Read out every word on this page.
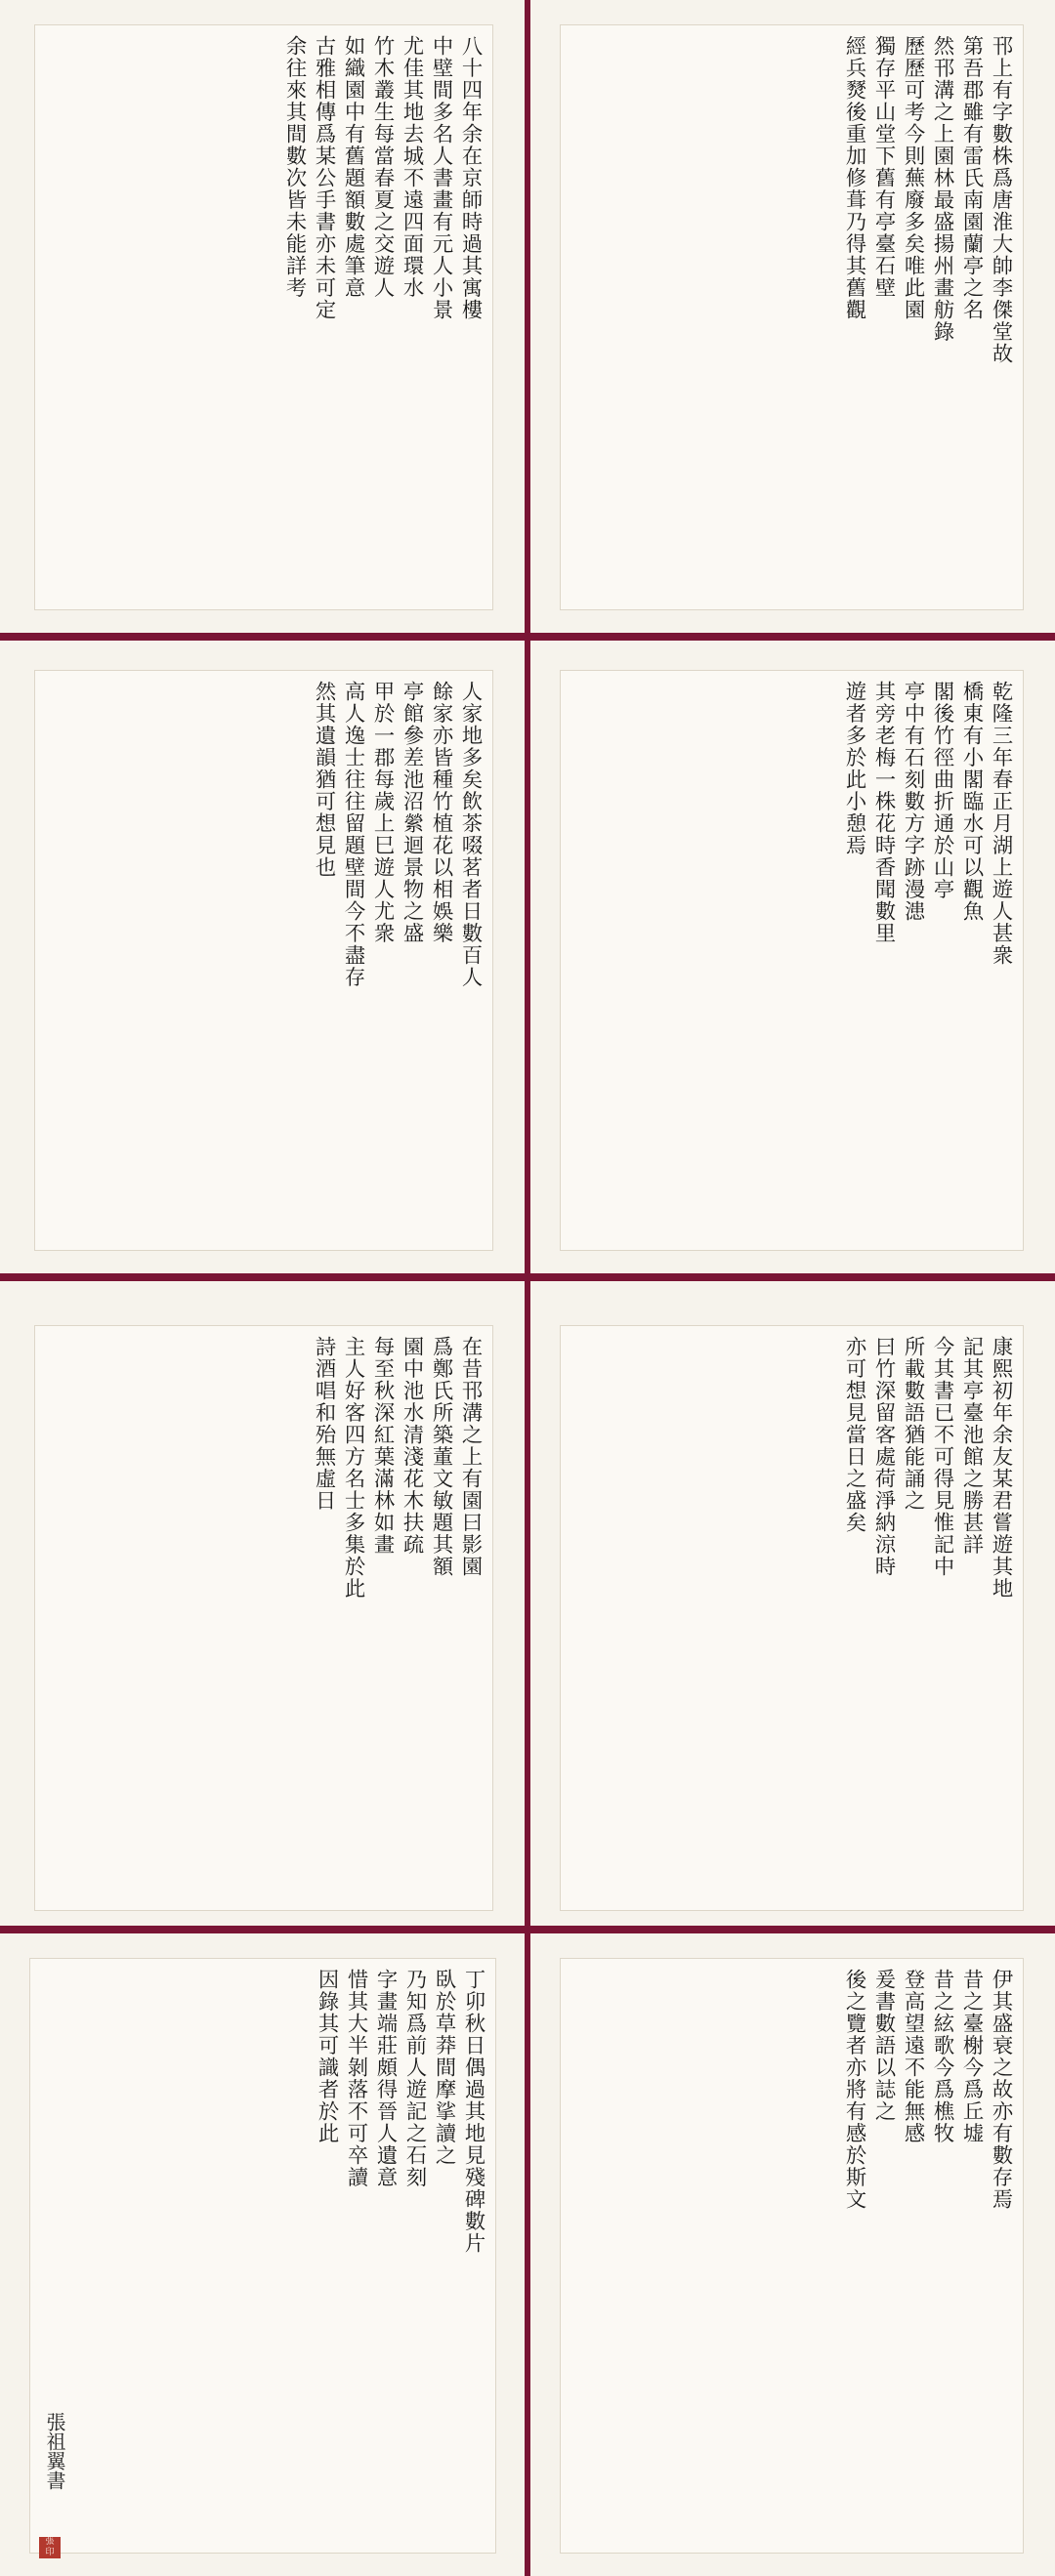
八十四年余在京師時過其寓樓
中壁間多名人書畫有元人小景
尤佳其地去城不遠四面環水
竹木叢生每當春夏之交遊人
如織園中有舊題額數處筆意
古雅相傳爲某公手書亦未可定
余往來其間數次皆未能詳考	邗上有字數株爲唐淮大帥李傑堂故
第吾郡雖有雷氏南園蘭亭之名
然邗溝之上園林最盛揚州畫舫錄
歷歷可考今則蕪廢多矣唯此園
獨存平山堂下舊有亭臺石壁
經兵燹後重加修葺乃得其舊觀
人家地多矣飲茶啜茗者日數百人
餘家亦皆種竹植花以相娛樂
亭館參差池沼縈迴景物之盛
甲於一郡每歲上巳遊人尤衆
高人逸士往往留題壁間今不盡存
然其遺韻猶可想見也	乾隆三年春正月湖上遊人甚衆
橋東有小閣臨水可以觀魚
閣後竹徑曲折通於山亭
亭中有石刻數方字跡漫漶
其旁老梅一株花時香聞數里
遊者多於此小憩焉
在昔邗溝之上有園曰影園
爲鄭氏所築董文敏題其額
園中池水清淺花木扶疏
每至秋深紅葉滿林如畫
主人好客四方名士多集於此
詩酒唱和殆無虛日	康熙初年余友某君嘗遊其地
記其亭臺池館之勝甚詳
今其書已不可得見惟記中
所載數語猶能誦之
曰竹深留客處荷淨納涼時
亦可想見當日之盛矣
丁卯秋日偶過其地見殘碑數片
臥於草莽間摩挲讀之
乃知爲前人遊記之石刻
字畫端莊頗得晉人遺意
惜其大半剝落不可卒讀
因錄其可識者於此	伊其盛衰之故亦有數存焉
昔之臺榭今爲丘墟
昔之絃歌今爲樵牧
登高望遠不能無感
爰書數語以誌之
後之覽者亦將有感於斯文
張祖翼書
張
印
